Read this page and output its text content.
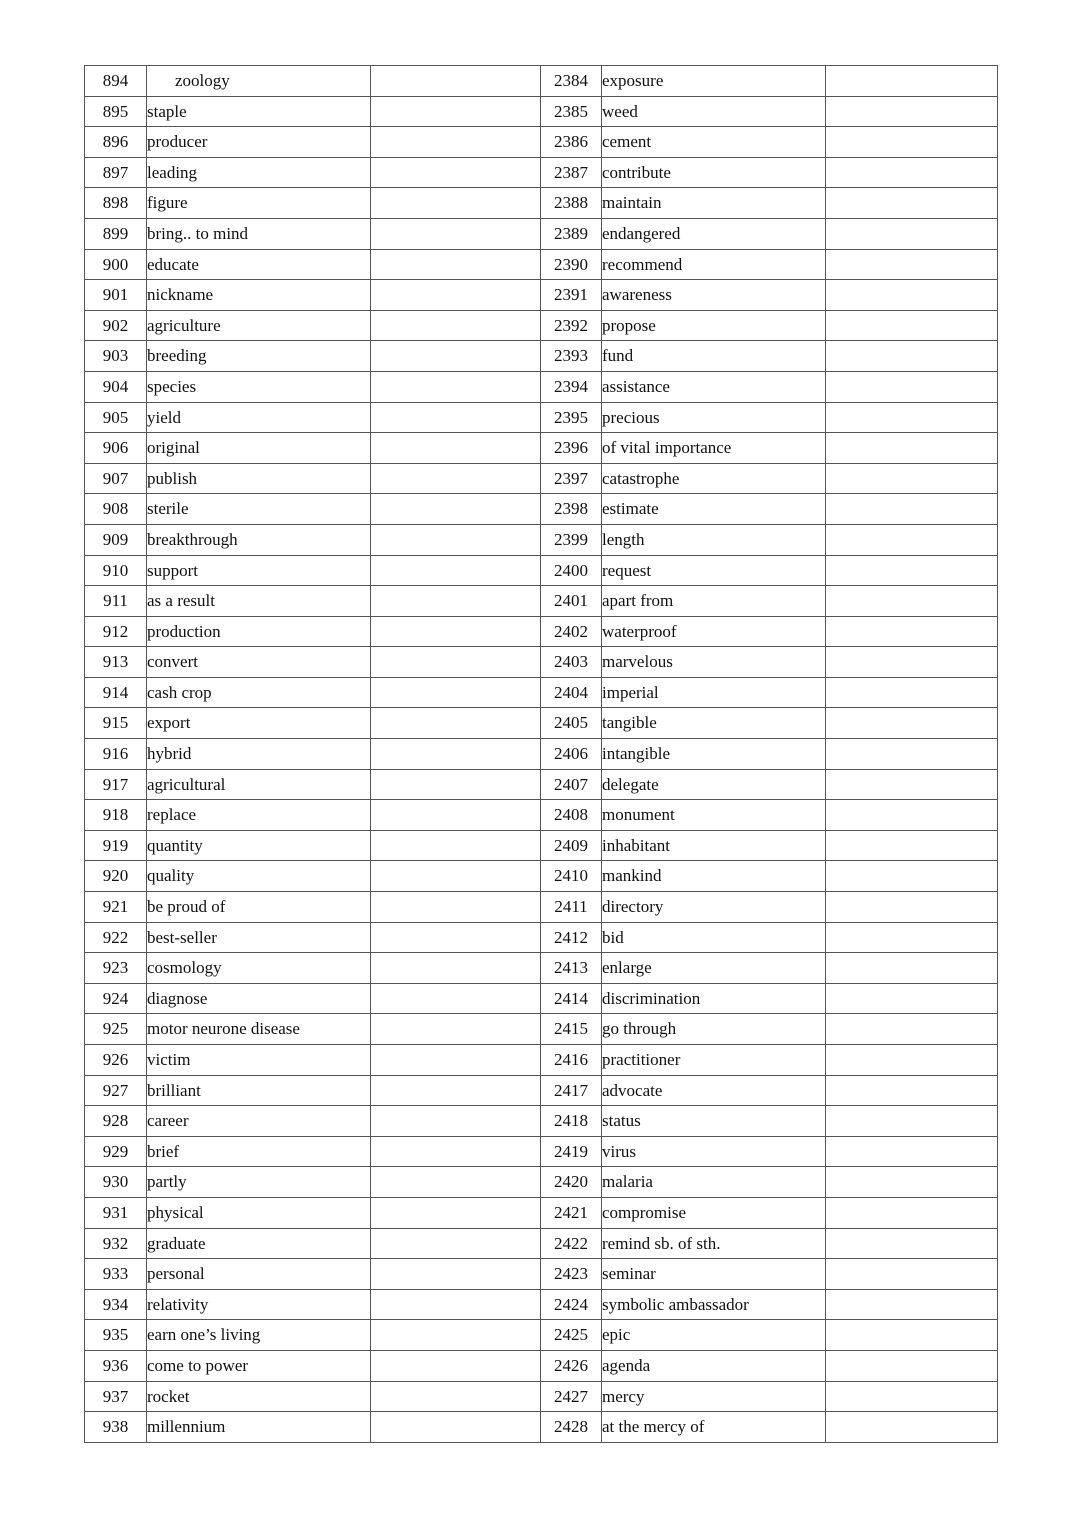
894	zoology		2384	exposure	
895	staple		2385	weed	
896	producer		2386	cement	
897	leading		2387	contribute	
898	figure		2388	maintain	
899	bring.. to mind		2389	endangered	
900	educate		2390	recommend	
901	nickname		2391	awareness	
902	agriculture		2392	propose	
903	breeding		2393	fund	
904	species		2394	assistance	
905	yield		2395	precious	
906	original		2396	of vital importance	
907	publish		2397	catastrophe	
908	sterile		2398	estimate	
909	breakthrough		2399	length	
910	support		2400	request	
911	as a result		2401	apart from	
912	production		2402	waterproof	
913	convert		2403	marvelous	
914	cash crop		2404	imperial	
915	export		2405	tangible	
916	hybrid		2406	intangible	
917	agricultural		2407	delegate	
918	replace		2408	monument	
919	quantity		2409	inhabitant	
920	quality		2410	mankind	
921	be proud of		2411	directory	
922	best-seller		2412	bid	
923	cosmology		2413	enlarge	
924	diagnose		2414	discrimination	
925	motor neurone disease		2415	go through	
926	victim		2416	practitioner	
927	brilliant		2417	advocate	
928	career		2418	status	
929	brief		2419	virus	
930	partly		2420	malaria	
931	physical		2421	compromise	
932	graduate		2422	remind sb. of sth.	
933	personal		2423	seminar	
934	relativity		2424	symbolic ambassador	
935	earn one’s living		2425	epic	
936	come to power		2426	agenda	
937	rocket		2427	mercy	
938	millennium		2428	at the mercy of	
